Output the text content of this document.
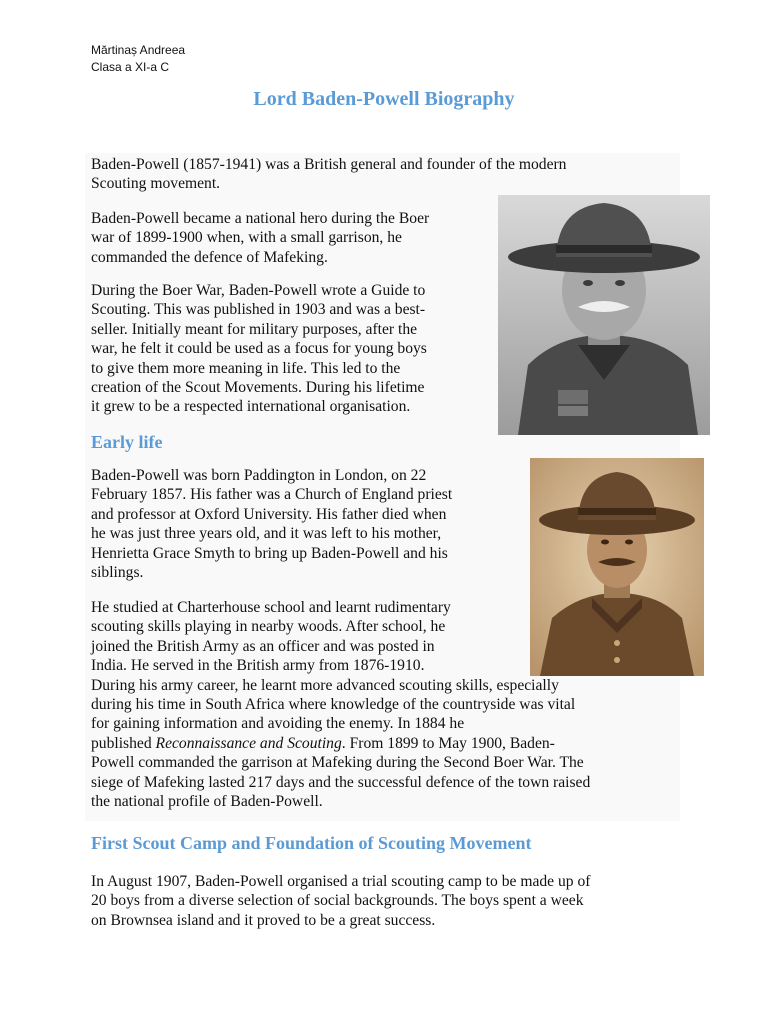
Mărtinaș Andreea
Clasa a XI-a C
Lord Baden-Powell Biography

Baden-Powell (1857-1941) was a British general and founder of the modern
Scouting movement.

Baden-Powell became a national hero during the Boer
war of 1899-1900 when, with a small garrison, he
commanded the defence of Mafeking.

During the Boer War, Baden-Powell wrote a Guide to
Scouting. This was published in 1903 and was a best-
seller. Initially meant for military purposes, after the
war, he felt it could be used as a focus for young boys
to give them more meaning in life. This led to the
creation of the Scout Movements. During his lifetime
it grew to be a respected international organisation.

Early life

Baden-Powell was born Paddington in London, on 22
February 1857. His father was a Church of England priest
and professor at Oxford University. His father died when
he was just three years old, and it was left to his mother,
Henrietta Grace Smyth to bring up Baden-Powell and his
siblings.

He studied at Charterhouse school and learnt rudimentary
scouting skills playing in nearby woods. After school, he
joined the British Army as an officer and was posted in
India. He served in the British army from 1876-1910.
During his army career, he learnt more advanced scouting skills, especially
during his time in South Africa where knowledge of the countryside was vital
for gaining information and avoiding the enemy. In 1884 he
published Reconnaissance and Scouting. From 1899 to May 1900, Baden-
Powell commanded the garrison at Mafeking during the Second Boer War. The
siege of Mafeking lasted 217 days and the successful defence of the town raised
the national profile of Baden-Powell.

First Scout Camp and Foundation of Scouting Movement

In August 1907, Baden-Powell organised a trial scouting camp to be made up of
20 boys from a diverse selection of social backgrounds. The boys spent a week
on Brownsea island and it proved to be a great success.
